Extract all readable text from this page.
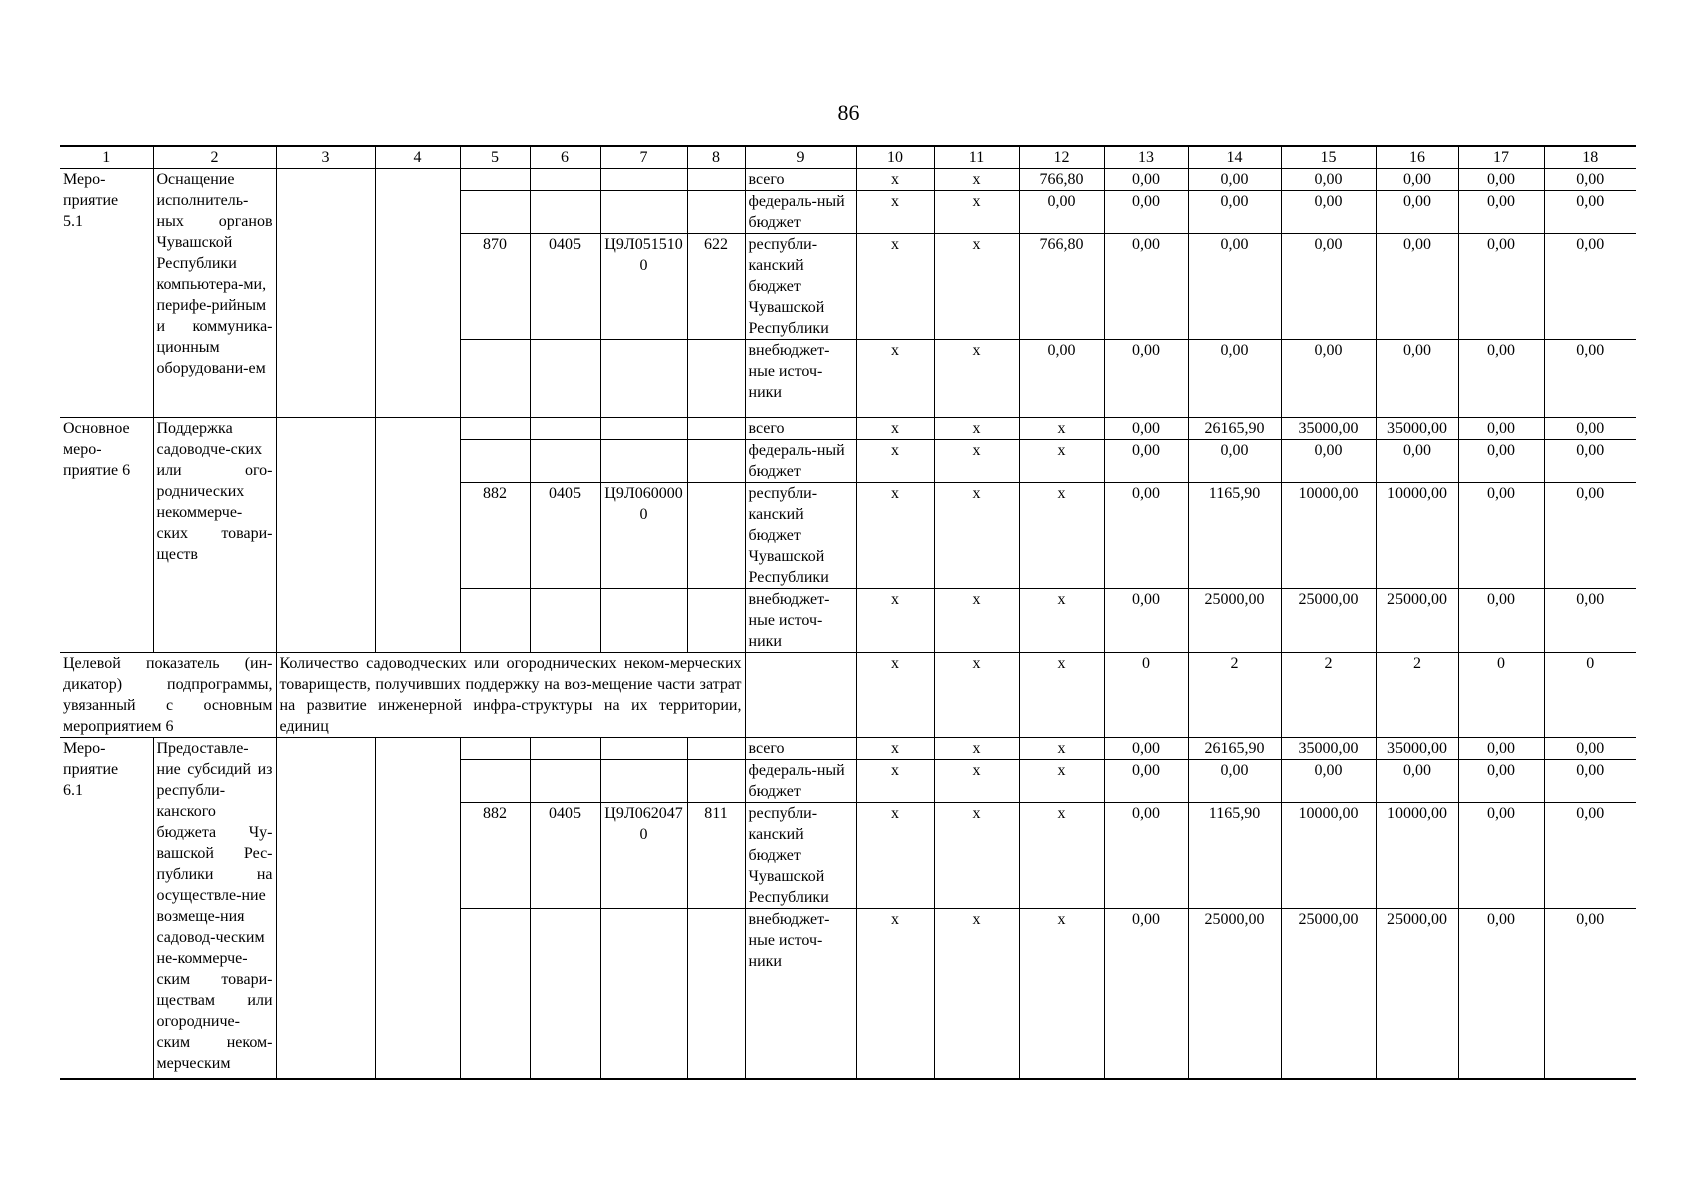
86
1	2	3	4	5	6	7	8	9	10	11	12	13	14	15	16	17	18
Меро-
приятие
5.1	Оснащение исполнитель-ных органов Чувашской Республики компьютера-ми, перифе-рийным и коммуника-ционным оборудовани-ем							всего	x	x	766,80	0,00	0,00	0,00	0,00	0,00	0,00
								федераль-ный бюджет	x	x	0,00	0,00	0,00	0,00	0,00	0,00	0,00
				870	0405	Ц9Л0515100	622	республи-канский бюджет Чувашской Республики	x	x	766,80	0,00	0,00	0,00	0,00	0,00	0,00
								внебюджет-ные источ-ники	x	x	0,00	0,00	0,00	0,00	0,00	0,00	0,00
Основное меро-приятие 6	Поддержка садоводче-ских или ого-роднических некоммерче-ских товари-ществ							всего	x	x	x	0,00	26165,90	35000,00	35000,00	0,00	0,00
								федераль-ный бюджет	x	x	x	0,00	0,00	0,00	0,00	0,00	0,00
				882	0405	Ц9Л0600000		республи-канский бюджет Чувашской Республики	x	x	x	0,00	1165,90	10000,00	10000,00	0,00	0,00
								внебюджет-ные источ-ники	x	x	x	0,00	25000,00	25000,00	25000,00	0,00	0,00
Целевой показатель (ин-дикатор) подпрограммы, увязанный с основным мероприятием 6		Количество садоводческих или огороднических неком-мерческих товариществ, получивших поддержку на воз-мещение части затрат на развитие инженерной инфра-структуры на их территории, единиц							x	x	x	0	2	2	2	0	0
Меро-
приятие
6.1	Предоставле-ние субсидий из республи-канского бюджета Чу-вашской Рес-публики на осуществле-ние возмеще-ния садовод-ческим не-коммерче-ским товари-ществам или огородниче-ским неком-мерческим							всего	x	x	x	0,00	26165,90	35000,00	35000,00	0,00	0,00
								федераль-ный бюджет	x	x	x	0,00	0,00	0,00	0,00	0,00	0,00
				882	0405	Ц9Л0620470	811	республи-канский бюджет Чувашской Республики	x	x	x	0,00	1165,90	10000,00	10000,00	0,00	0,00
								внебюджет-ные источ-ники	x	x	x	0,00	25000,00	25000,00	25000,00	0,00	0,00
